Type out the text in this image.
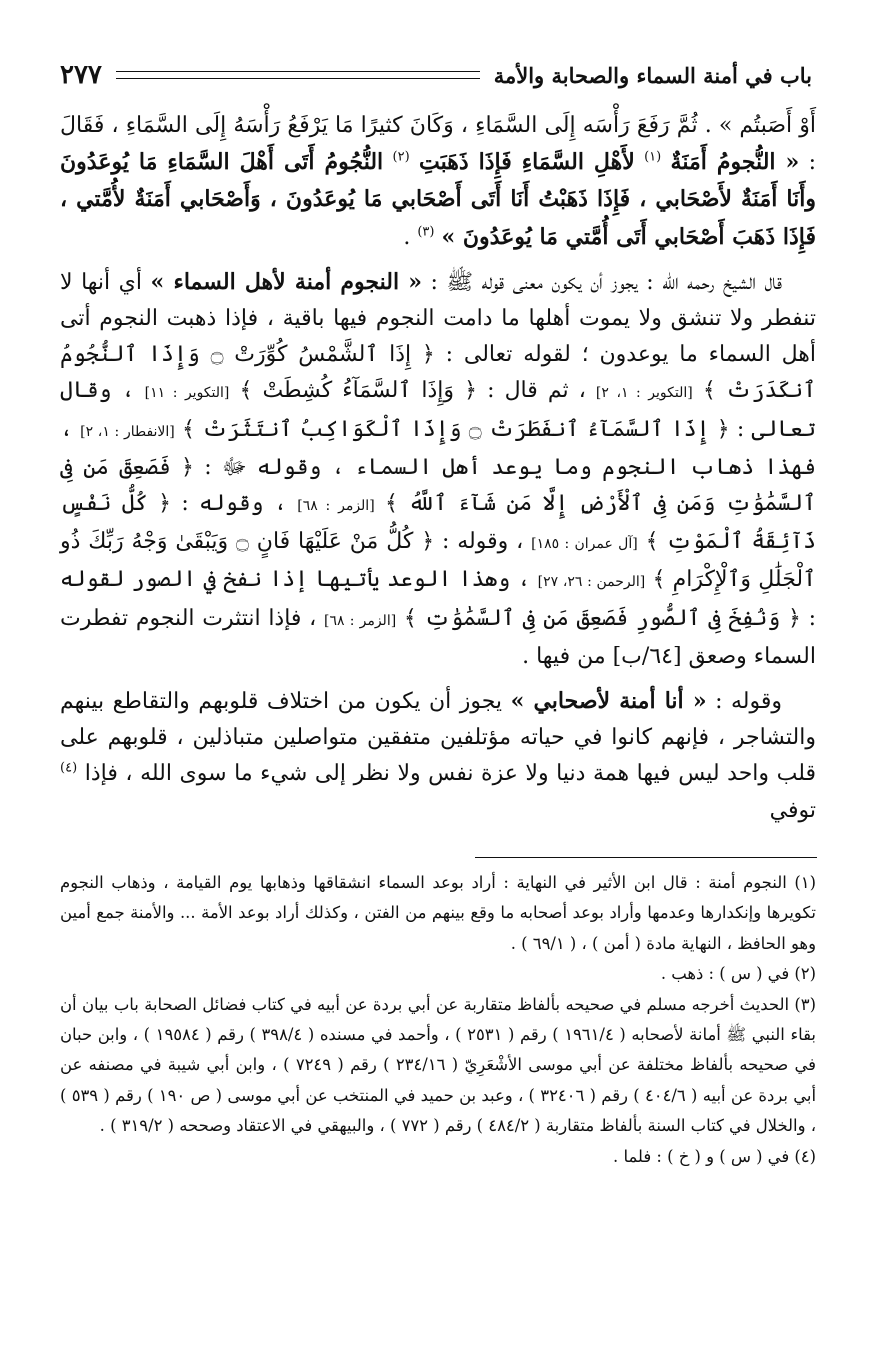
باب في أمنة السماء والصحابة والأمة
٢٧٧

أَوْ أَصَبتُم » . ثُمَّ رَفَعَ رَأْسَه إِلَى السَّمَاءِ ، وَكَانَ كثيرًا مَا يَرْفَعُ رَأْسَهُ إِلَى السَّمَاءِ ، فَقَالَ : « النُّجومُ أَمَنَةٌ $^{(١)}$ لأَهْلِ السَّمَاءِ فَإِذَا ذَهَبَتِ $^{(٢)}$ النُّجُومُ أَتَى أَهْلَ السَّمَاءِ مَا يُوعَدُونَ وأَنَا أَمَنَةٌ لأَصْحَابي ، فَإِذَا ذَهَبْتُ أَنَا أَتَى أَصْحَابي مَا يُوعَدُونَ ، وَأَصْحَابي أَمَنَةٌ لأُمَّتي ، فَإِذَا ذَهَبَ أَصْحَابي أَتَى أُمَّتي مَا يُوعَدُونَ » $^{(٣)}$ .

قال الشيخ رحمه الله : يجوز أن يكون معنى قوله ﷺ : « النجوم أمنة لأهل السماء » أي أنها لا تنفطر ولا تنشق ولا يموت أهلها ما دامت النجوم فيها باقية ، فإذا ذهبت النجوم أتى أهل السماء ما يوعدون ؛ لقوله تعالى : ﴿ إِذَا ٱلشَّمْسُ كُوِّرَتْ ۝ وَإِذَا ٱلنُّجُومُ ٱنكَدَرَتْ ﴾ [التكوير : ١، ٢] ، ثم قال : ﴿ وَإِذَا ٱلسَّمَآءُ كُشِطَتْ ﴾ [التكوير : ١١] ، وقال تعالى : ﴿ إِذَا ٱلسَّمَآءُ ٱنفَطَرَتْ ۝ وَإِذَا ٱلْكَوَاكِبُ ٱنتَثَرَتْ ﴾ [الانفطار : ١، ٢] ، فهذا ذهاب النجوم وما يوعد أهل السماء ، وقوله ﷻ : ﴿ فَصَعِقَ مَن فِى ٱلسَّمَٰوَٰتِ وَمَن فِى ٱلْأَرْضِ إِلَّا مَن شَآءَ ٱللَّهُ ﴾ [الزمر : ٦٨] ، وقوله : ﴿ كُلُّ نَفْسٍ ذَآئِقَةُ ٱلْمَوْتِ ﴾ [آل عمران : ١٨٥] ، وقوله : ﴿ كُلُّ مَنْ عَلَيْهَا فَانٍ ۝ وَيَبْقَىٰ وَجْهُ رَبِّكَ ذُو ٱلْجَلَٰلِ وَٱلْإِكْرَامِ ﴾ [الرحمن : ٢٦، ٢٧] ، وهذا الوعد يأتيها إذا نفخ في الصور لقوله : ﴿ وَنُفِخَ فِى ٱلصُّورِ فَصَعِقَ مَن فِى ٱلسَّمَٰوَٰتِ ﴾ [الزمر : ٦٨] ، فإذا انتثرت النجوم تفطرت السماء وصعق [٦٤/ب] من فيها .

وقوله : « أنا أمنة لأصحابي » يجوز أن يكون من اختلاف قلوبهم والتقاطع بينهم والتشاجر ، فإنهم كانوا في حياته مؤتلفين متفقين متواصلين متباذلين ، قلوبهم على قلب واحد ليس فيها همة دنيا ولا عزة نفس ولا نظر إلى شيء ما سوى الله ، فإذا $^{(٤)}$ توفي

(١) النجوم أمنة : قال ابن الأثير في النهاية : أراد بوعد السماء انشقاقها وذهابها يوم القيامة ، وذهاب النجوم تكويرها وإنكدارها وعدمها وأراد بوعد أصحابه ما وقع بينهم من الفتن ، وكذلك أراد بوعد الأمة ... والأمنة جمع أمين وهو الحافظ ، النهاية مادة ( أمن ) ، ( ٦٩/١ ) .

(٢) في ( س ) : ذهب .

(٣) الحديث أخرجه مسلم في صحيحه بألفاظ متقاربة عن أبي بردة عن أبيه في كتاب فضائل الصحابة باب بيان أن بقاء النبي ﷺ أمانة لأصحابه ( ١٩٦١/٤ ) رقم ( ٢٥٣١ ) ، وأحمد في مسنده ( ٣٩٨/٤ ) رقم ( ١٩٥٨٤ ) ، وابن حبان في صحيحه بألفاظ مختلفة عن أبي موسى الأشْعَرِيّ ( ٢٣٤/١٦ ) رقم ( ٧٢٤٩ ) ، وابن أبي شيبة في مصنفه عن أبي بردة عن أبيه ( ٤٠٤/٦ ) رقم ( ٣٢٤٠٦ ) ، وعبد بن حميد في المنتخب عن أبي موسى ( ص ١٩٠ ) رقم ( ٥٣٩ ) ، والخلال في كتاب السنة بألفاظ متقاربة ( ٤٨٤/٢ ) رقم ( ٧٧٢ ) ، والبيهقي في الاعتقاد وصححه ( ٣١٩/٢ ) .

(٤) في ( س ) و ( خ ) : فلما .
